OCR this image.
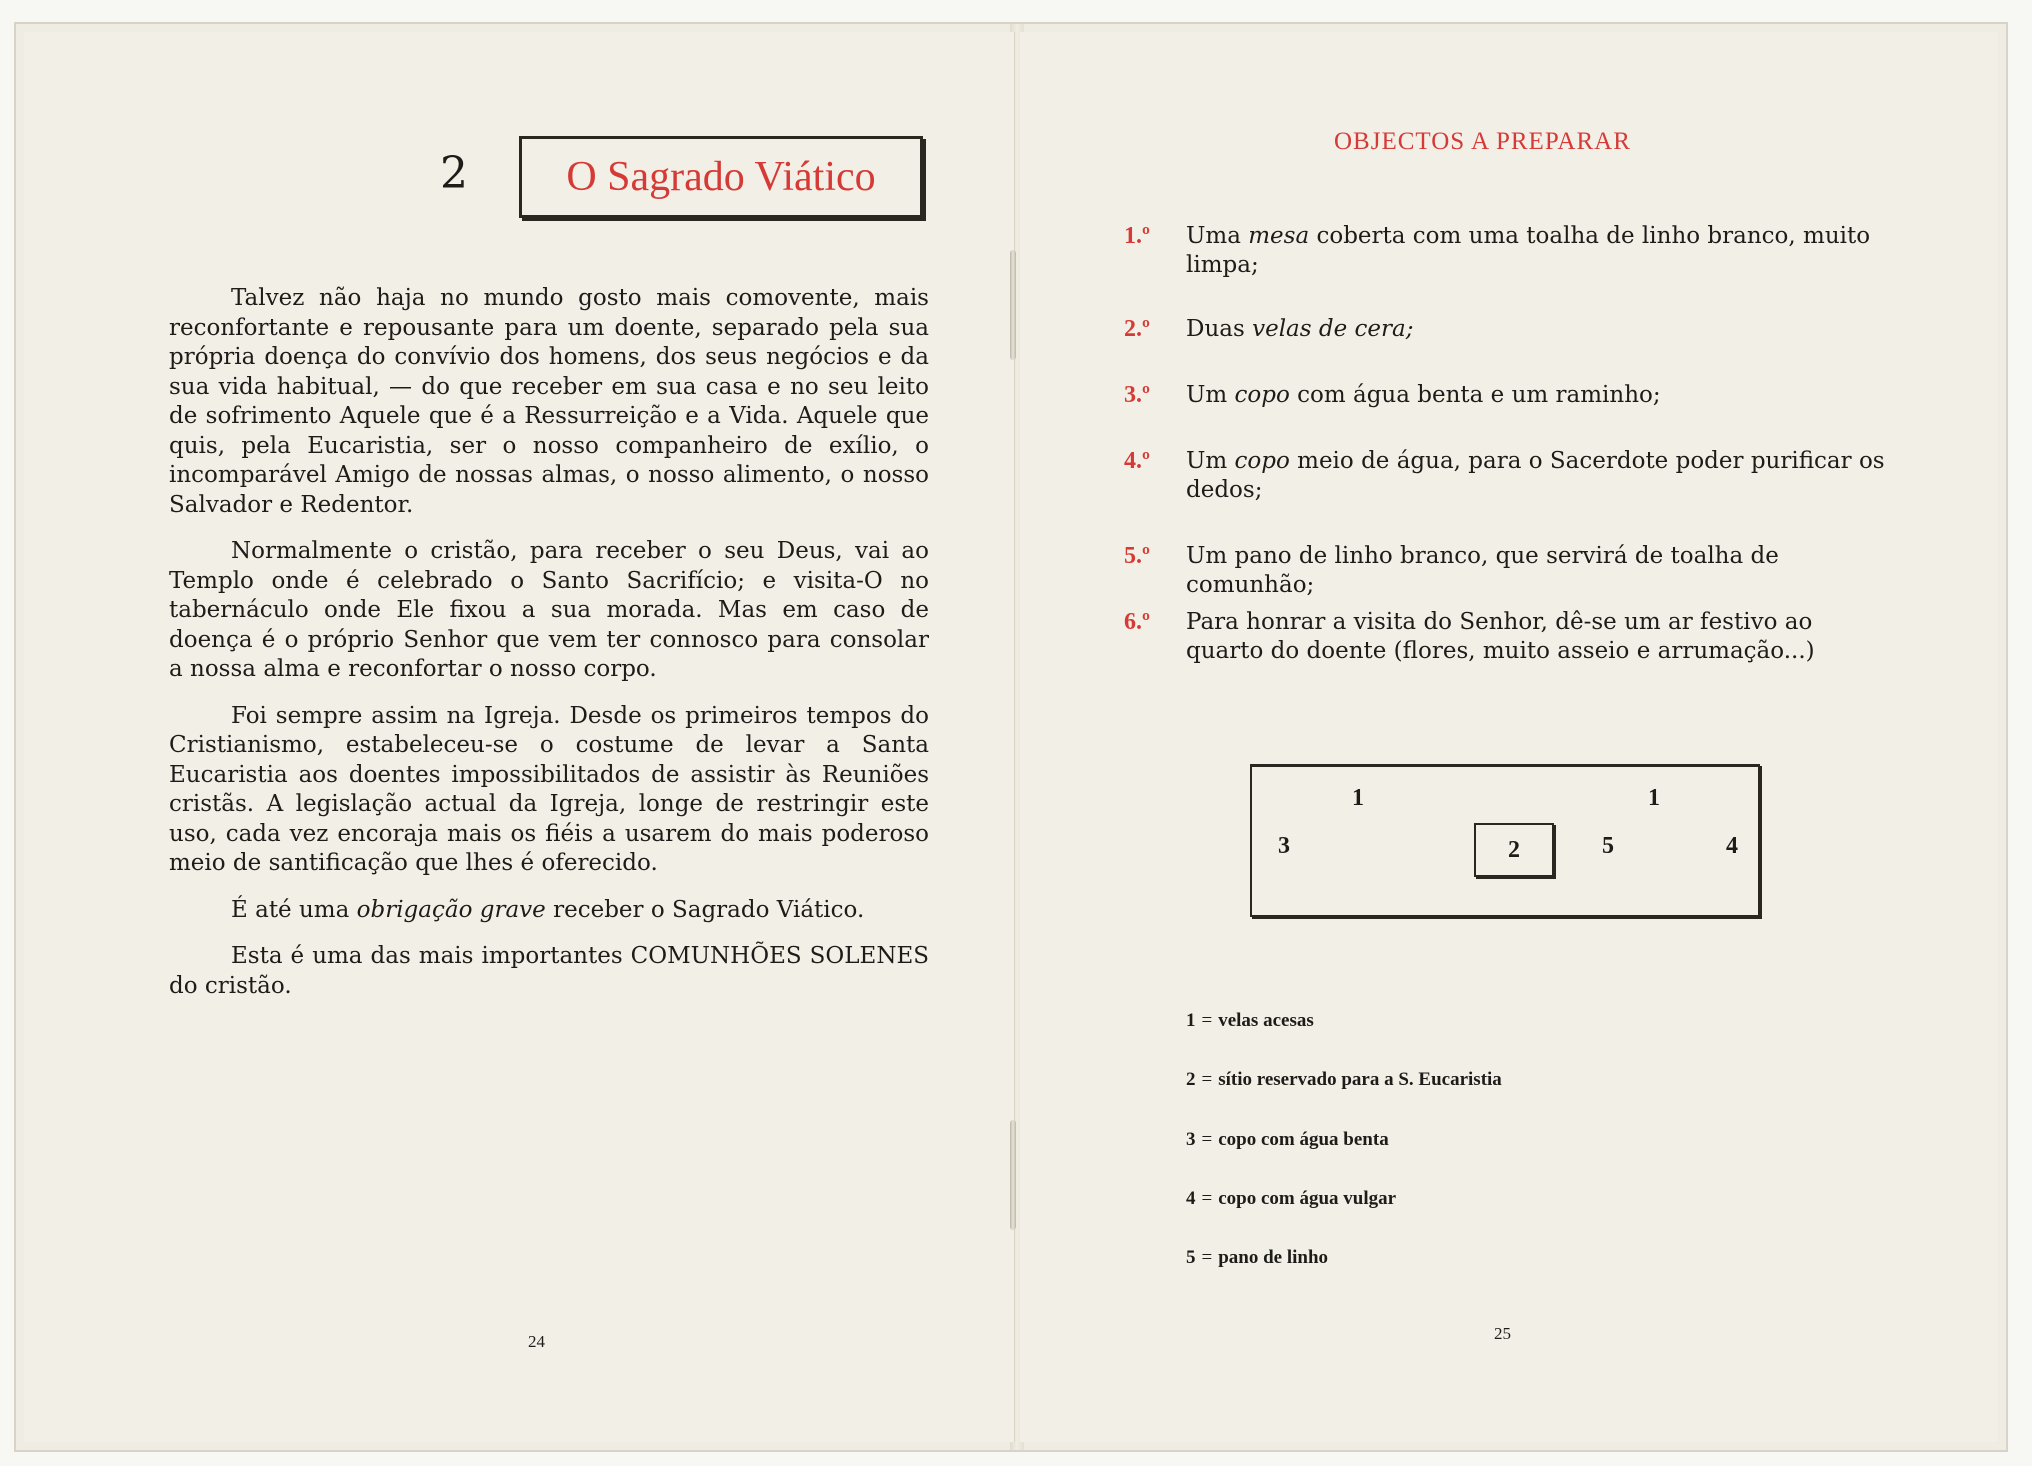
2 O Sagrado Viático

Talvez não haja no mundo gosto mais comovente, mais reconfortante e repousante para um doente, separado pela sua própria doença do convívio dos homens, dos seus negócios e da sua vida habitual, — do que receber em sua casa e no seu leito de sofrimento Aquele que é a Ressurreição e a Vida. Aquele que quis, pela Eucaristia, ser o nosso companheiro de exílio, o incomparável Amigo de nossas almas, o nosso alimento, o nosso Salvador e Redentor.

Normalmente o cristão, para receber o seu Deus, vai ao Templo onde é celebrado o Santo Sacrifício; e visita-O no tabernáculo onde Ele fixou a sua morada. Mas em caso de doença é o próprio Senhor que vem ter connosco para consolar a nossa alma e reconfortar o nosso corpo.

Foi sempre assim na Igreja. Desde os primeiros tempos do Cristianismo, estabeleceu-se o costume de levar a Santa Eucaristia aos doentes impossibilitados de assistir às Reuniões cristãs. A legislação actual da Igreja, longe de restringir este uso, cada vez encoraja mais os fiéis a usarem do mais poderoso meio de santificação que lhes é oferecido.

É até uma obrigação grave receber o Sagrado Viático.

Esta é uma das mais importantes COMUNHÕES SOLENES do cristão.

24
OBJECTOS A PREPARAR
1.º Uma mesa coberta com uma toalha de linho branco, muito limpa;
2.º Duas velas de cera;
3.º Um copo com água benta e um raminho;
4.º Um copo meio de água, para o Sacerdote poder purificar os dedos;
5.º Um pano de linho branco, que servirá de toalha de comunhão;
6.º Para honrar a visita do Senhor, dê-se um ar festivo ao quarto do doente (flores, muito asseio e arrumação...)
1	1
3	2	5	4
1 = velas acesas
2 = sítio reservado para a S. Eucaristia
3 = copo com água benta
4 = copo com água vulgar
5 = pano de linho
25
